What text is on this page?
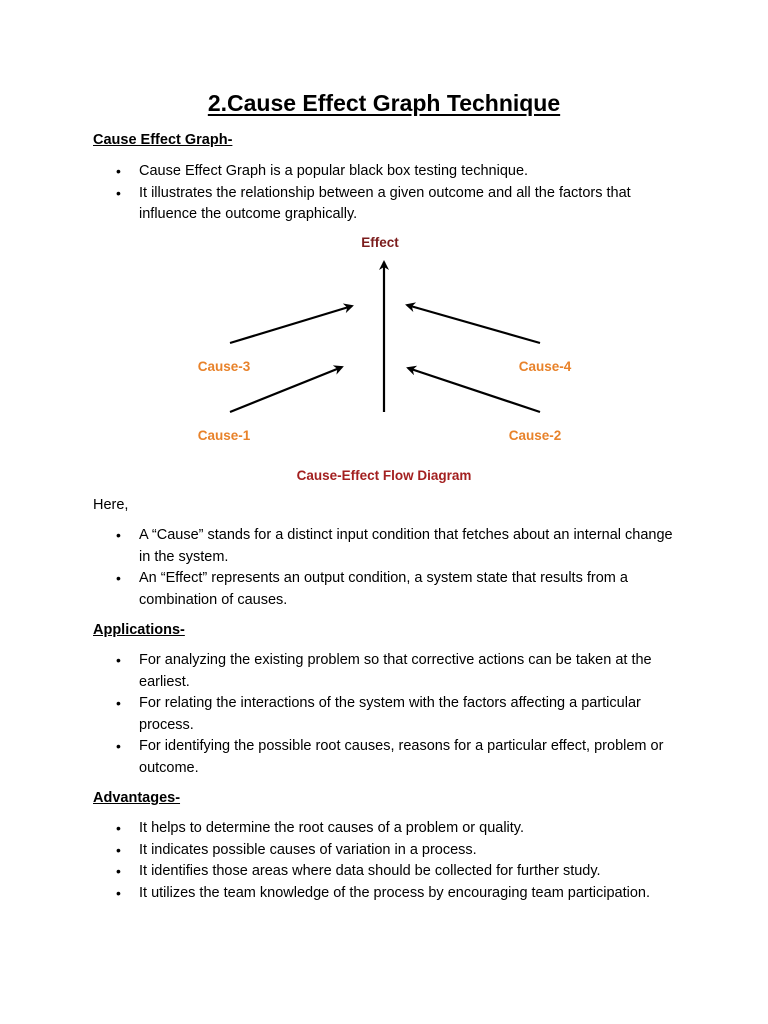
2.Cause Effect Graph Technique
Cause Effect Graph-
• Cause Effect Graph is a popular black box testing technique.
• It illustrates the relationship between a given outcome and all the factors that influence the outcome graphically.
Effect
Cause-3	Cause-4
Cause-1	Cause-2
Cause-Effect Flow Diagram
Here,
• A “Cause” stands for a distinct input condition that fetches about an internal change in the system.
• An “Effect” represents an output condition, a system state that results from a combination of causes.
Applications-
• For analyzing the existing problem so that corrective actions can be taken at the earliest.
• For relating the interactions of the system with the factors affecting a particular process.
• For identifying the possible root causes, reasons for a particular effect, problem or outcome.
Advantages-
• It helps to determine the root causes of a problem or quality.
• It indicates possible causes of variation in a process.
• It identifies those areas where data should be collected for further study.
• It utilizes the team knowledge of the process by encouraging team participation.
